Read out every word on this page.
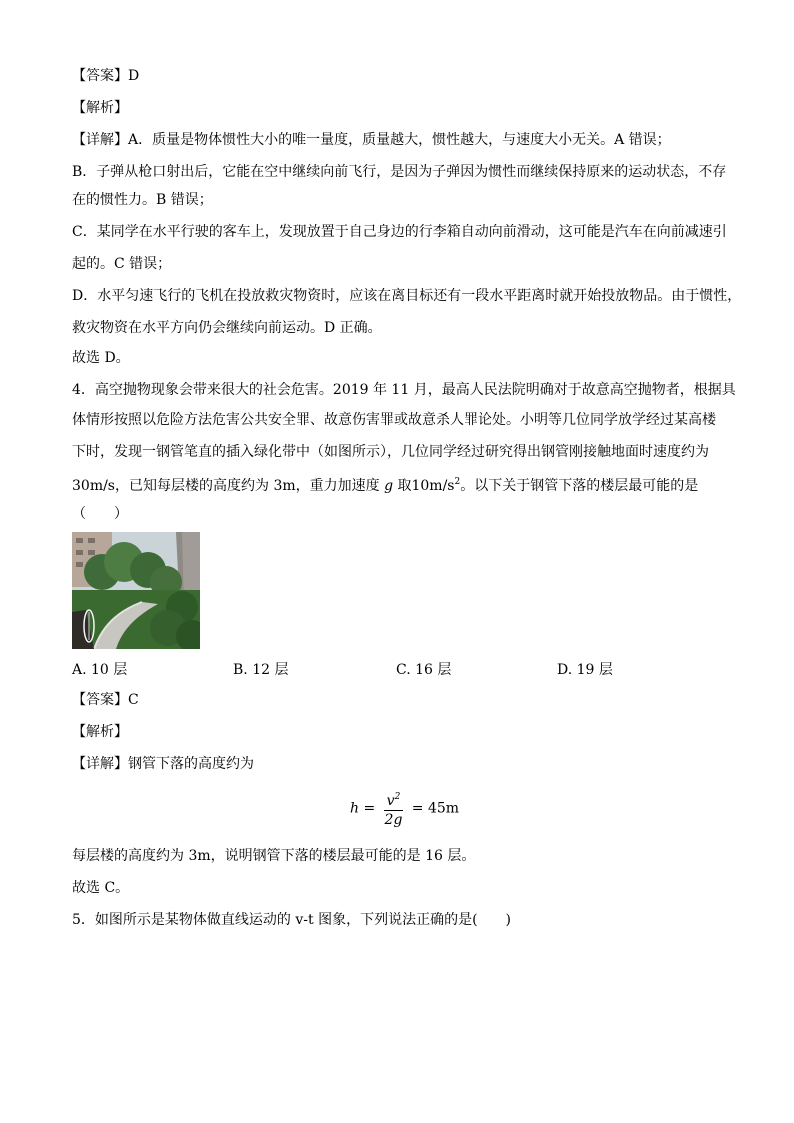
【答案】D
【解析】
【详解】A．质量是物体惯性大小的唯一量度，质量越大，惯性越大，与速度大小无关。A 错误；
B．子弹从枪口射出后，它能在空中继续向前飞行，是因为子弹因为惯性而继续保持原来的运动状态，不存
在的惯性力。B 错误；
C．某同学在水平行驶的客车上，发现放置于自己身边的行李箱自动向前滑动，这可能是汽车在向前减速引
起的。C 错误；
D．水平匀速飞行的飞机在投放救灾物资时，应该在离目标还有一段水平距离时就开始投放物品。由于惯性，
救灾物资在水平方向仍会继续向前运动。D 正确。
故选 D。
4．高空抛物现象会带来很大的社会危害。2019 年 11 月，最高人民法院明确对于故意高空抛物者，根据具
体情形按照以危险方法危害公共安全罪、故意伤害罪或故意杀人罪论处。小明等几位同学放学经过某高楼
下时，发现一钢管笔直的插入绿化带中（如图所示），几位同学经过研究得出钢管刚接触地面时速度约为
30m/s，已知每层楼的高度约为 3m，重力加速度 g 取$10m/s^2$。以下关于钢管下落的楼层最可能的是
（　　）
A. 10 层	B. 12 层	C. 16 层	D. 19 层
【答案】C
【解析】
【详解】钢管下落的高度约为
$h = \frac{v^2}{2g} = 45m$
每层楼的高度约为 3m，说明钢管下落的楼层最可能的是 16 层。
故选 C。
5．如图所示是某物体做直线运动的 v-t 图象，下列说法正确的是(　　)
